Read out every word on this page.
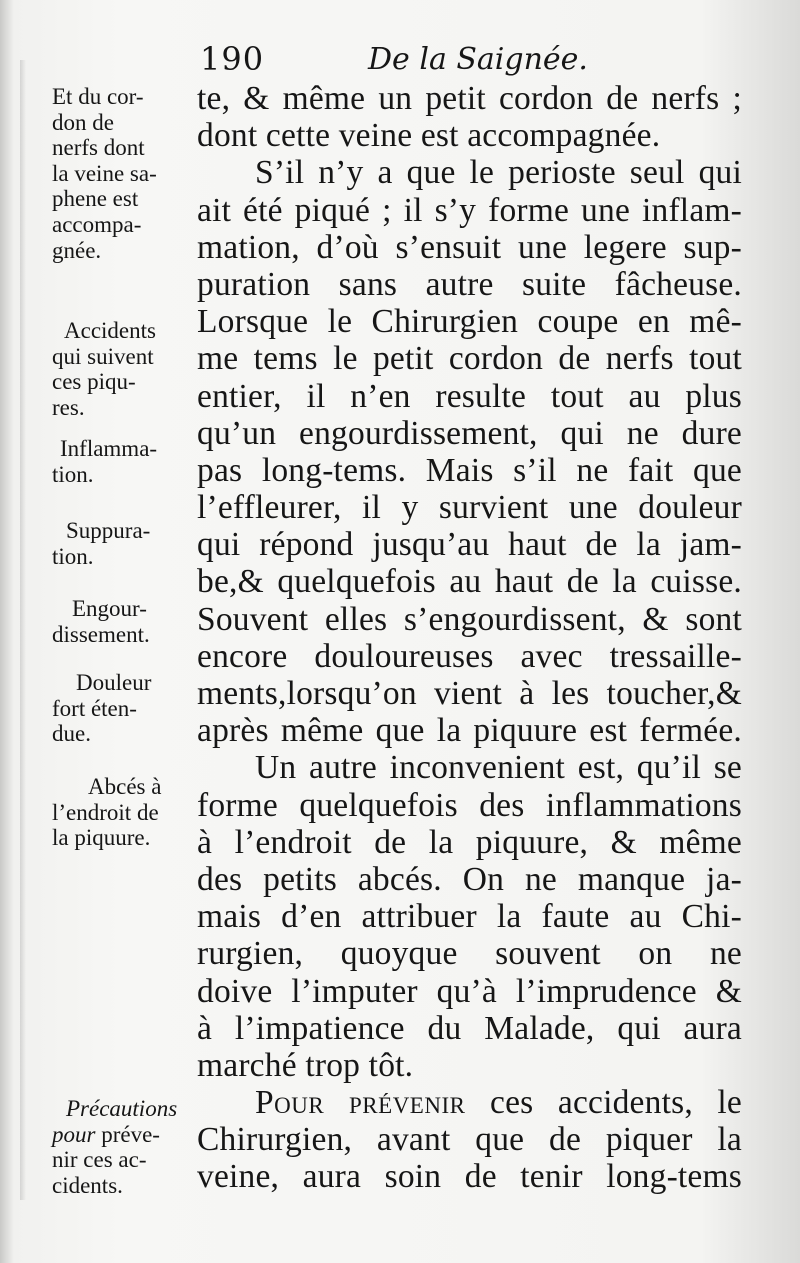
190	De la Saignée.
te, & même un petit cordon de nerfs ;
dont cette veine est accompagnée.
S’il n’y a que le perioste seul qui
ait été piqué ; il s’y forme une inflam-
mation, d’où s’ensuit une legere sup-
puration sans autre suite fâcheuse.
Lorsque le Chirurgien coupe en mê-
me tems le petit cordon de nerfs tout
entier, il n’en resulte tout au plus
qu’un engourdissement, qui ne dure
pas long-tems. Mais s’il ne fait que
l’effleurer, il y survient une douleur
qui répond jusqu’au haut de la jam-
be,& quelquefois au haut de la cuisse.
Souvent elles s’engourdissent, & sont
encore douloureuses avec tressaille-
ments,lorsqu’on vient à les toucher,&
après même que la piquure est fermée.
Un autre inconvenient est, qu’il se
forme quelquefois des inflammations
à l’endroit de la piquure, & même
des petits abcés. On ne manque ja-
mais d’en attribuer la faute au Chi-
rurgien, quoyque souvent on ne
doive l’imputer qu’à l’imprudence &
à l’impatience du Malade, qui aura
marché trop tôt.
Pour prévenir ces accidents, le
Chirurgien, avant que de piquer la
veine, aura soin de tenir long-tems
Et du cor-
don de
nerfs dont
la veine sa-
phene est
accompa-
gnée.
Accidents
qui suivent
ces piqu-
res.
Inflamma-
tion.
Suppura-
tion.
Engour-
dissement.
Douleur
fort éten-
due.
Abcés à
l’endroit de
la piquure.
Précautions
pour préve-
nir ces ac-
cidents.
